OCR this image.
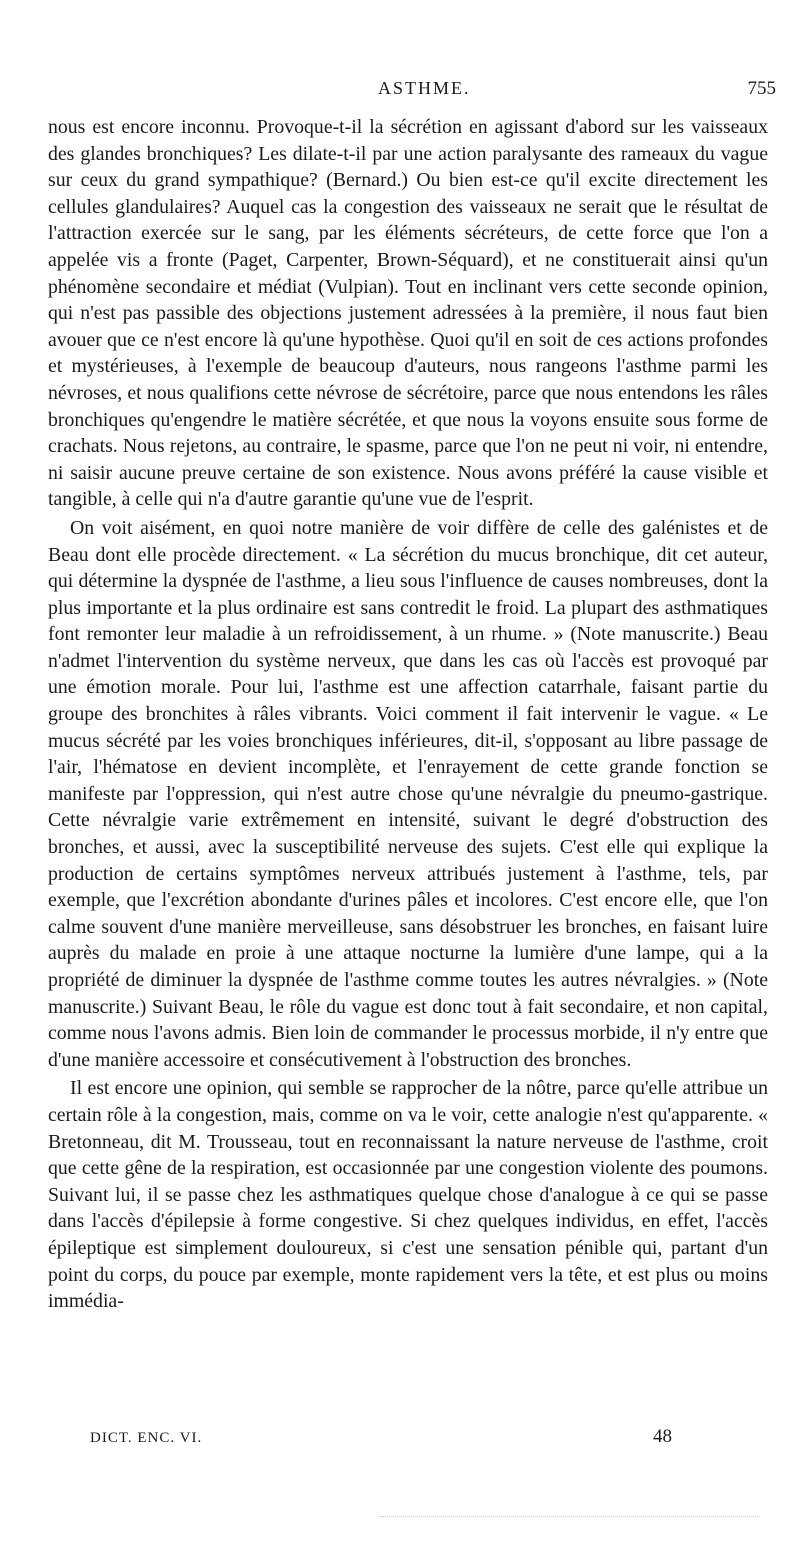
ASTHME.	755

nous est encore inconnu. Provoque-t-il la sécrétion en agissant d'abord sur les vaisseaux des glandes bronchiques? Les dilate-t-il par une action paralysante des rameaux du vague sur ceux du grand sympathique? (Bernard.) Ou bien est-ce qu'il excite directement les cellules glandulaires? Auquel cas la congestion des vaisseaux ne serait que le résultat de l'attraction exercée sur le sang, par les éléments sécréteurs, de cette force que l'on a appelée vis a fronte (Paget, Carpenter, Brown-Séquard), et ne constituerait ainsi qu'un phénomène secondaire et médiat (Vulpian). Tout en inclinant vers cette seconde opinion, qui n'est pas passible des objections justement adressées à la première, il nous faut bien avouer que ce n'est encore là qu'une hypothèse. Quoi qu'il en soit de ces actions profondes et mystérieuses, à l'exemple de beaucoup d'auteurs, nous rangeons l'asthme parmi les névroses, et nous qualifions cette névrose de sécrétoire, parce que nous entendons les râles bronchiques qu'engendre le matière sécrétée, et que nous la voyons ensuite sous forme de crachats. Nous rejetons, au contraire, le spasme, parce que l'on ne peut ni voir, ni entendre, ni saisir aucune preuve certaine de son existence. Nous avons préféré la cause visible et tangible, à celle qui n'a d'autre garantie qu'une vue de l'esprit.

On voit aisément, en quoi notre manière de voir diffère de celle des galénistes et de Beau dont elle procède directement. « La sécrétion du mucus bronchique, dit cet auteur, qui détermine la dyspnée de l'asthme, a lieu sous l'influence de causes nombreuses, dont la plus importante et la plus ordinaire est sans contredit le froid. La plupart des asthmatiques font remonter leur maladie à un refroidissement, à un rhume. » (Note manuscrite.) Beau n'admet l'intervention du système nerveux, que dans les cas où l'accès est provoqué par une émotion morale. Pour lui, l'asthme est une affection catarrhale, faisant partie du groupe des bronchites à râles vibrants. Voici comment il fait intervenir le vague. « Le mucus sécrété par les voies bronchiques inférieures, dit-il, s'opposant au libre passage de l'air, l'hématose en devient incomplète, et l'enrayement de cette grande fonction se manifeste par l'oppression, qui n'est autre chose qu'une névralgie du pneumo-gastrique. Cette névralgie varie extrêmement en intensité, suivant le degré d'obstruction des bronches, et aussi, avec la susceptibilité nerveuse des sujets. C'est elle qui explique la production de certains symptômes nerveux attribués justement à l'asthme, tels, par exemple, que l'excrétion abondante d'urines pâles et incolores. C'est encore elle, que l'on calme souvent d'une manière merveilleuse, sans désobstruer les bronches, en faisant luire auprès du malade en proie à une attaque nocturne la lumière d'une lampe, qui a la propriété de diminuer la dyspnée de l'asthme comme toutes les autres névralgies. » (Note manuscrite.) Suivant Beau, le rôle du vague est donc tout à fait secondaire, et non capital, comme nous l'avons admis. Bien loin de commander le processus morbide, il n'y entre que d'une manière accessoire et consécutivement à l'obstruction des bronches.

Il est encore une opinion, qui semble se rapprocher de la nôtre, parce qu'elle attribue un certain rôle à la congestion, mais, comme on va le voir, cette analogie n'est qu'apparente. « Bretonneau, dit M. Trousseau, tout en reconnaissant la nature nerveuse de l'asthme, croit que cette gêne de la respiration, est occasionnée par une congestion violente des poumons. Suivant lui, il se passe chez les asthmatiques quelque chose d'analogue à ce qui se passe dans l'accès d'épilepsie à forme congestive. Si chez quelques individus, en effet, l'accès épileptique est simplement douloureux, si c'est une sensation pénible qui, partant d'un point du corps, du pouce par exemple, monte rapidement vers la tête, et est plus ou moins immédia-

DICT. ENC. VI.	48
